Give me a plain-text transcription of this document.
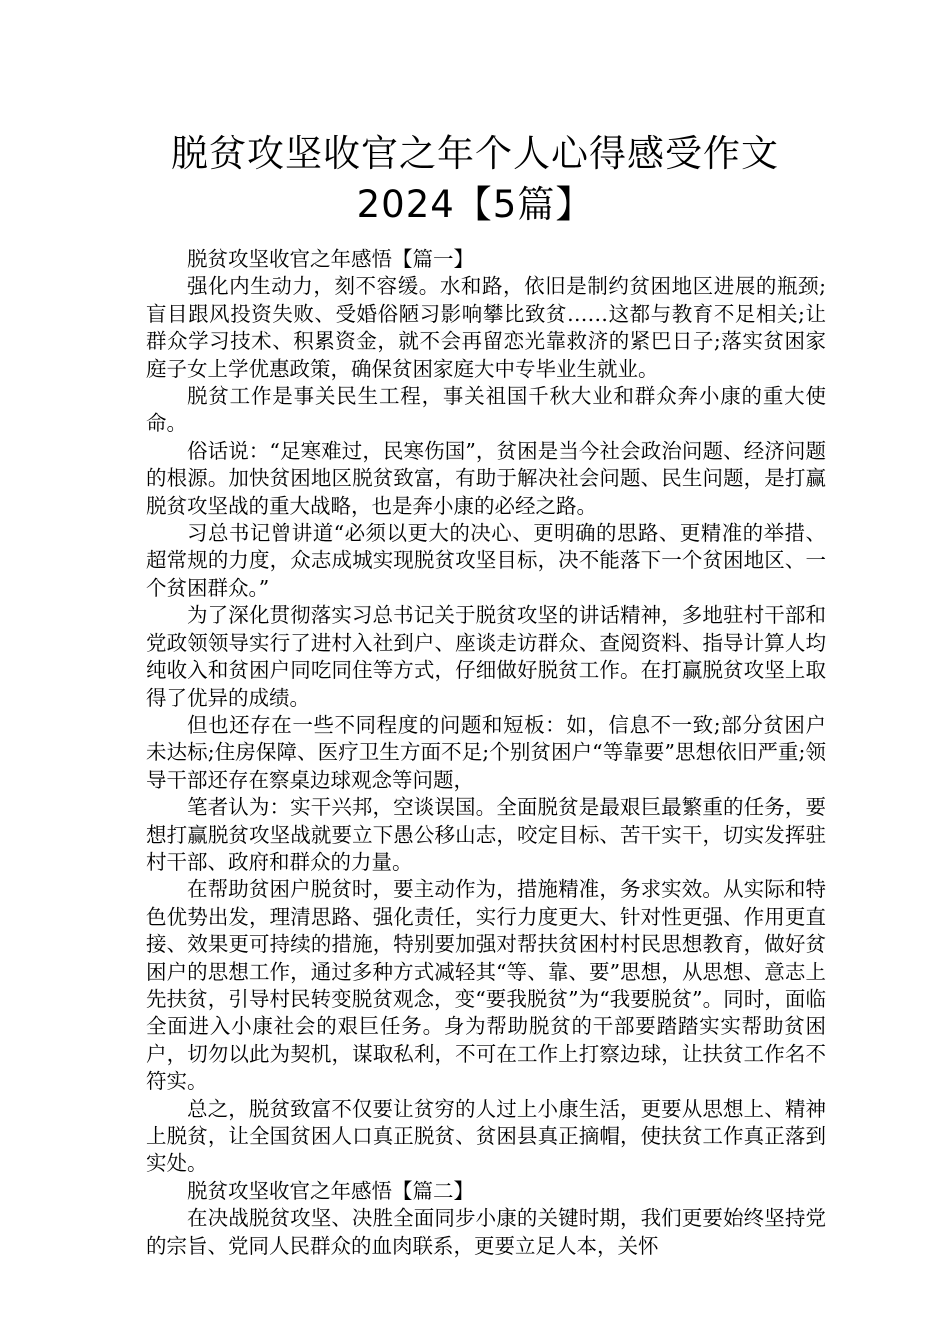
脱贫攻坚收官之年个人心得感受作文
2024【5篇】

脱贫攻坚收官之年感悟【篇一】

强化内生动力，刻不容缓。水和路，依旧是制约贫困地区进展的瓶颈;盲目跟风投资失败、受婚俗陋习影响攀比致贫……这都与教育不足相关;让群众学习技术、积累资金，就不会再留恋光靠救济的紧巴日子;落实贫困家庭子女上学优惠政策，确保贫困家庭大中专毕业生就业。

脱贫工作是事关民生工程，事关祖国千秋大业和群众奔小康的重大使命。

俗话说：“足寒难过，民寒伤国”，贫困是当今社会政治问题、经济问题的根源。加快贫困地区脱贫致富，有助于解决社会问题、民生问题，是打赢脱贫攻坚战的重大战略，也是奔小康的必经之路。

习总书记曾讲道“必须以更大的决心、更明确的思路、更精准的举措、超常规的力度，众志成城实现脱贫攻坚目标，决不能落下一个贫困地区、一个贫困群众。”

为了深化贯彻落实习总书记关于脱贫攻坚的讲话精神，多地驻村干部和党政领领导实行了进村入社到户、座谈走访群众、查阅资料、指导计算人均纯收入和贫困户同吃同住等方式，仔细做好脱贫工作。在打赢脱贫攻坚上取得了优异的成绩。

但也还存在一些不同程度的问题和短板：如，信息不一致;部分贫困户未达标;住房保障、医疗卫生方面不足;个别贫困户“等靠要”思想依旧严重;领导干部还存在察桌边球观念等问题，

笔者认为：实干兴邦，空谈误国。全面脱贫是最艰巨最繁重的任务，要想打赢脱贫攻坚战就要立下愚公移山志，咬定目标、苦干实干，切实发挥驻村干部、政府和群众的力量。

在帮助贫困户脱贫时，要主动作为，措施精准，务求实效。从实际和特色优势出发，理清思路、强化责任，实行力度更大、针对性更强、作用更直接、效果更可持续的措施，特别要加强对帮扶贫困村村民思想教育，做好贫困户的思想工作，通过多种方式减轻其“等、靠、要”思想，从思想、意志上先扶贫，引导村民转变脱贫观念，变“要我脱贫”为“我要脱贫”。同时，面临全面进入小康社会的艰巨任务。身为帮助脱贫的干部要踏踏实实帮助贫困户，切勿以此为契机，谋取私利，不可在工作上打察边球，让扶贫工作名不符实。

总之，脱贫致富不仅要让贫穷的人过上小康生活，更要从思想上、精神上脱贫，让全国贫困人口真正脱贫、贫困县真正摘帽，使扶贫工作真正落到实处。

脱贫攻坚收官之年感悟【篇二】

在决战脱贫攻坚、决胜全面同步小康的关键时期，我们更要始终坚持党的宗旨、党同人民群众的血肉联系，更要立足人本，关怀
